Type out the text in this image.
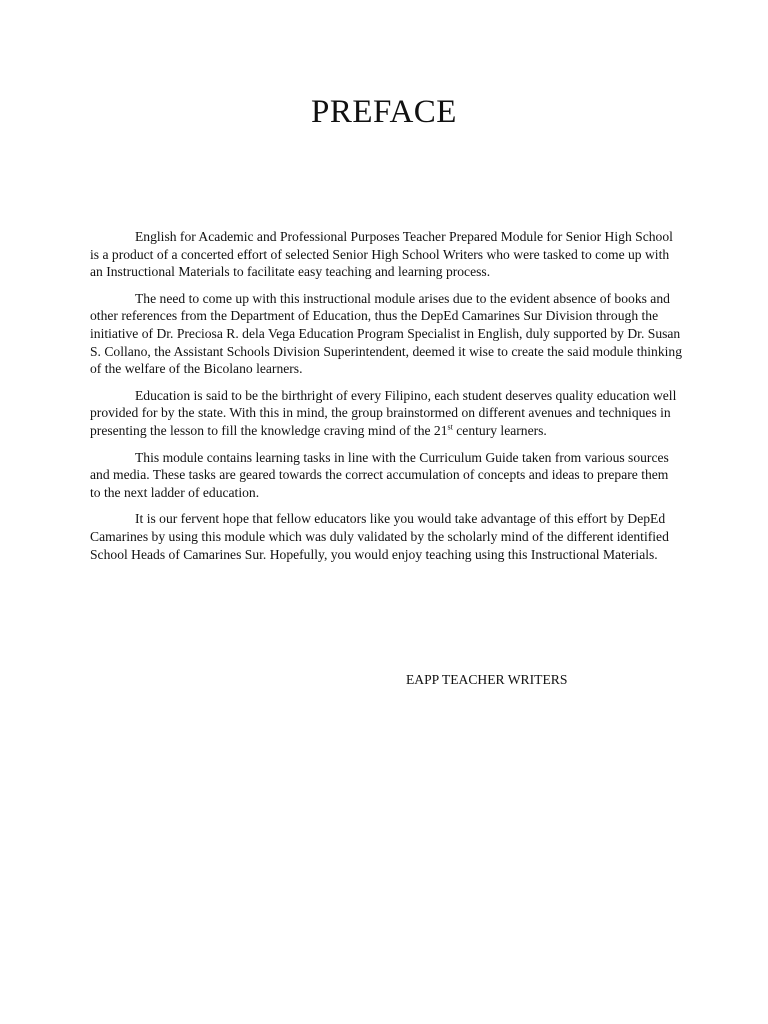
PREFACE

English for Academic and Professional Purposes Teacher Prepared Module for Senior High School is a product of a concerted effort of selected Senior High School Writers who were tasked to come up with an Instructional Materials to facilitate easy teaching and learning process.

The need to come up with this instructional module arises due to the evident absence of books and other references from the Department of Education, thus the DepEd Camarines Sur Division through the initiative of Dr. Preciosa R. dela Vega Education Program Specialist in English, duly supported by Dr. Susan S. Collano, the Assistant Schools Division Superintendent, deemed it wise to create the said module thinking of the welfare of the Bicolano learners.

Education is said to be the birthright of every Filipino, each student deserves quality education well provided for by the state. With this in mind, the group brainstormed on different avenues and techniques in presenting the lesson to fill the knowledge craving mind of the 21st century learners.

This module contains learning tasks in line with the Curriculum Guide taken from various sources and media. These tasks are geared towards the correct accumulation of concepts and ideas to prepare them to the next ladder of education.

It is our fervent hope that fellow educators like you would take advantage of this effort by DepEd Camarines by using this module which was duly validated by the scholarly mind of the different identified School Heads of Camarines Sur. Hopefully, you would enjoy teaching using this Instructional Materials.

EAPP TEACHER WRITERS
